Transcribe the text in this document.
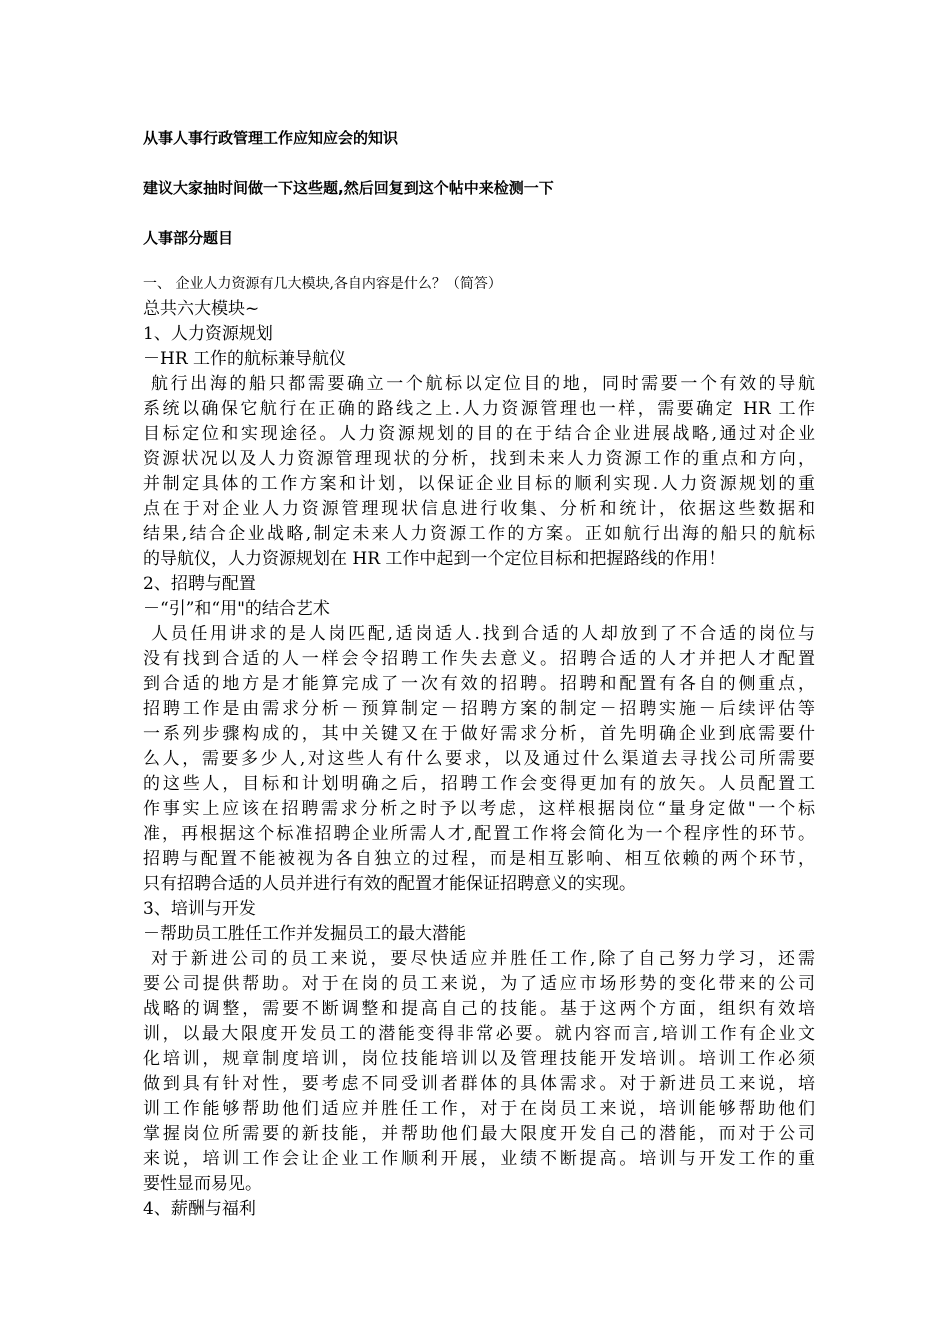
从事人事行政管理工作应知应会的知识
建议大家抽时间做一下这些题,然后回复到这个帖中来检测一下
人事部分题目
一、 企业人力资源有几大模块,各自内容是什么？（简答）
总共六大模块~
1、人力资源规划
－HR 工作的航标兼导航仪
航行出海的船只都需要确立一个航标以定位目的地，同时需要一个有效的导航
系统以确保它航行在正确的路线之上.人力资源管理也一样，需要确定 HR 工作
目标定位和实现途径。人力资源规划的目的在于结合企业进展战略,通过对企业
资源状况以及人力资源管理现状的分析，找到未来人力资源工作的重点和方向，
并制定具体的工作方案和计划，以保证企业目标的顺利实现.人力资源规划的重
点在于对企业人力资源管理现状信息进行收集、分析和统计，依据这些数据和
结果,结合企业战略,制定未来人力资源工作的方案。正如航行出海的船只的航标
的导航仪，人力资源规划在 HR 工作中起到一个定位目标和把握路线的作用！
2、招聘与配置
－“引”和“用"的结合艺术
人员任用讲求的是人岗匹配,适岗适人.找到合适的人却放到了不合适的岗位与
没有找到合适的人一样会令招聘工作失去意义。招聘合适的人才并把人才配置
到合适的地方是才能算完成了一次有效的招聘。招聘和配置有各自的侧重点，
招聘工作是由需求分析－预算制定－招聘方案的制定－招聘实施－后续评估等
一系列步骤构成的，其中关键又在于做好需求分析，首先明确企业到底需要什
么人，需要多少人,对这些人有什么要求，以及通过什么渠道去寻找公司所需要
的这些人，目标和计划明确之后，招聘工作会变得更加有的放矢。人员配置工
作事实上应该在招聘需求分析之时予以考虑，这样根据岗位“量身定做"一个标
准，再根据这个标准招聘企业所需人才,配置工作将会简化为一个程序性的环节。
招聘与配置不能被视为各自独立的过程，而是相互影响、相互依赖的两个环节，
只有招聘合适的人员并进行有效的配置才能保证招聘意义的实现。
3、培训与开发
－帮助员工胜任工作并发掘员工的最大潜能
对于新进公司的员工来说，要尽快适应并胜任工作,除了自己努力学习，还需
要公司提供帮助。对于在岗的员工来说，为了适应市场形势的变化带来的公司
战略的调整，需要不断调整和提高自己的技能。基于这两个方面，组织有效培
训，以最大限度开发员工的潜能变得非常必要。就内容而言,培训工作有企业文
化培训，规章制度培训，岗位技能培训以及管理技能开发培训。培训工作必须
做到具有针对性，要考虑不同受训者群体的具体需求。对于新进员工来说，培
训工作能够帮助他们适应并胜任工作，对于在岗员工来说，培训能够帮助他们
掌握岗位所需要的新技能，并帮助他们最大限度开发自己的潜能，而对于公司
来说，培训工作会让企业工作顺利开展，业绩不断提高。培训与开发工作的重
要性显而易见。
4、薪酬与福利
